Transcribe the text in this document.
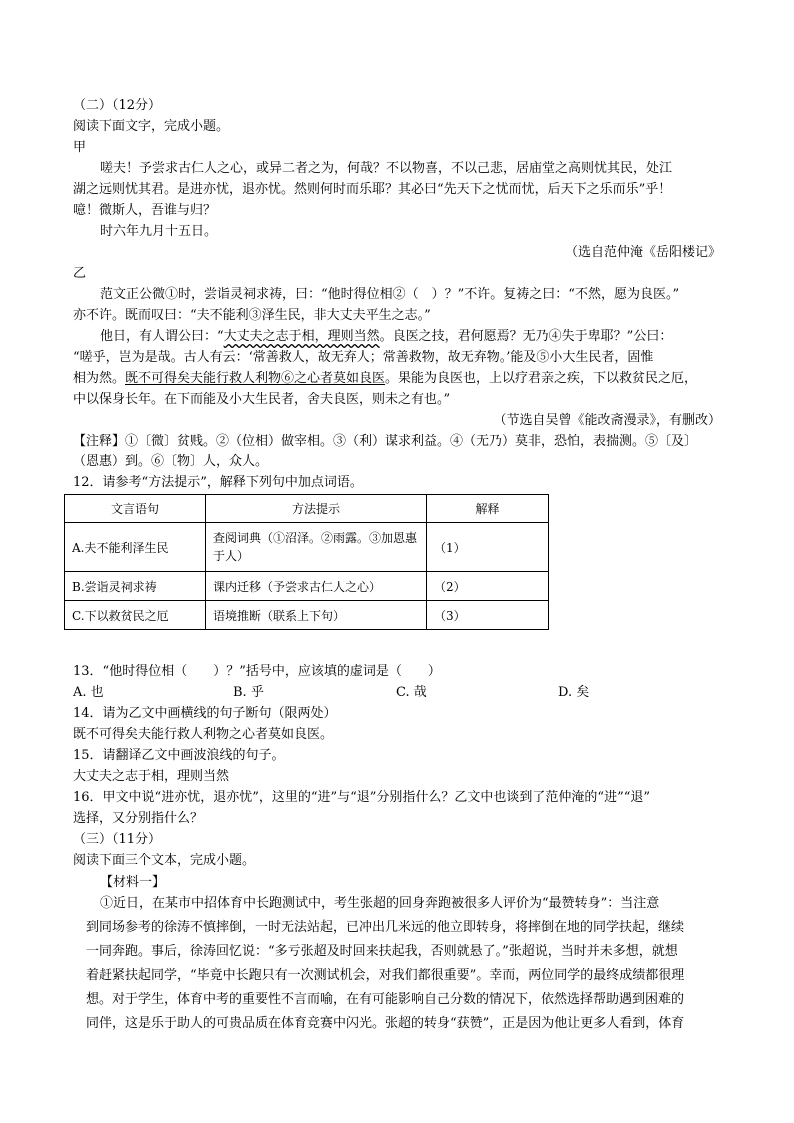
（二）（12分）
阅读下面文字，完成小题。
甲
嗟夫！予尝求古仁人之心，或异二者之为，何哉？不以物喜，不以己悲，居庙堂之高则忧其民，处江
湖之远则忧其君。是进亦忧，退亦忧。然则何时而乐耶？其必曰“先天下之忧而忧，后天下之乐而乐”乎！
噫！微斯人，吾谁与归？
时六年九月十五日。
（选自范仲淹《岳阳楼记》
乙
范文正公微①时，尝诣灵祠求祷，曰：“他时得位相②（　）？”不许。复祷之曰：“不然，愿为良医。”
亦不许。既而叹曰：“夫不能利③泽生民，非大丈夫平生之志。”
他日，有人谓公曰：“大丈夫之志于相，理则当然。良医之技，君何愿焉？无乃④失于卑耶？”公曰：
“嗟乎，岂为是哉。古人有云：‘常善救人，故无弃人；常善救物，故无弃物。’能及⑤小大生民者，固惟
相为然。既不可得矣夫能行救人利物⑥之心者莫如良医。果能为良医也，上以疗君亲之疾，下以救贫民之厄，
中以保身长年。在下而能及小大生民者，舍夫良医，则未之有也。”
（节选自吴曾《能改斋漫录》，有删改）
【注释】①〔微〕贫贱。②（位相）做宰相。③（利）谋求利益。④（无乃）莫非，恐怕，表揣测。⑤〔及〕
（恩惠）到。⑥〔物〕人，众人。
12．请参考“方法提示”，解释下列句中加点词语。
文言语句	方法提示	解释
A.夫不能利泽生民	查阅词典（①沼泽。②雨露。③加恩惠于人）	（1）
B.尝诣灵祠求祷	课内迁移（予尝求古仁人之心）	（2）
C.下以救贫民之厄	语境推断（联系上下句）	（3）
13．“他时得位相（　　）？”括号中，应该填的虚词是（　　）
A. 也	B. 乎	C. 哉	D. 矣
14．请为乙文中画横线的句子断句（限两处）
既不可得矣夫能行救人利物之心者莫如良医。
15．请翻译乙文中画波浪线的句子。
大丈夫之志于相，理则当然
16．甲文中说“进亦忧，退亦忧”，这里的“进”与“退”分别指什么？乙文中也谈到了范仲淹的“进”“退”
选择，又分别指什么？
（三）（11分）
阅读下面三个文本，完成小题。
【材料一】
①近日，在某市中招体育中长跑测试中，考生张超的回身奔跑被很多人评价为“最赞转身”：当注意
到同场参考的徐涛不慎摔倒，一时无法站起，已冲出几米远的他立即转身，将摔倒在地的同学扶起，继续
一同奔跑。事后，徐涛回忆说：“多亏张超及时回来扶起我，否则就悬了。”张超说，当时并未多想，就想
着赶紧扶起同学，“毕竟中长跑只有一次测试机会，对我们都很重要”。幸而，两位同学的最终成绩都很理
想。对于学生，体育中考的重要性不言而喻，在有可能影响自己分数的情况下，依然选择帮助遇到困难的
同伴，这是乐于助人的可贵品质在体育竞赛中闪光。张超的转身“获赞”，正是因为他让更多人看到，体育
